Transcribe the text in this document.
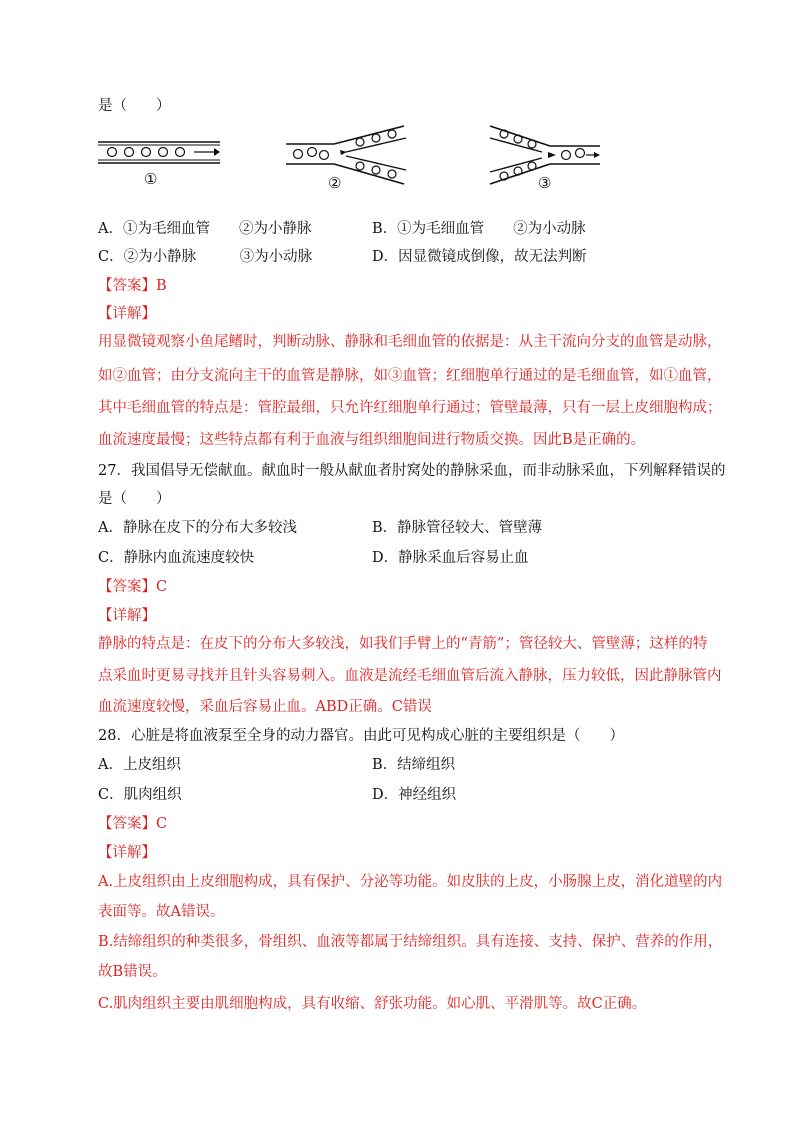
是（　　）
①	②	③
A．①为毛细血管　　②为小静脉	B．①为毛细血管　　②为小动脉
C．②为小静脉　　　③为小动脉	D．因显微镜成倒像，故无法判断
【答案】B
【详解】
用显微镜观察小鱼尾鳍时，判断动脉、静脉和毛细血管的依据是：从主干流向分支的血管是动脉，
如②血管；由分支流向主干的血管是静脉，如③血管；红细胞单行通过的是毛细血管，如①血管，
其中毛细血管的特点是：管腔最细，只允许红细胞单行通过；管壁最薄，只有一层上皮细胞构成；
血流速度最慢；这些特点都有利于血液与组织细胞间进行物质交换。因此B是正确的。
27．我国倡导无偿献血。献血时一般从献血者肘窝处的静脉采血，而非动脉采血，下列解释错误的
是（　　）
A．静脉在皮下的分布大多较浅	B．静脉管径较大、管壁薄
C．静脉内血流速度较快	D．静脉采血后容易止血
【答案】C
【详解】
静脉的特点是：在皮下的分布大多较浅，如我们手臂上的“青筋”；管径较大、管壁薄；这样的特
点采血时更易寻找并且针头容易刺入。血液是流经毛细血管后流入静脉，压力较低，因此静脉管内
血流速度较慢，采血后容易止血。ABD正确。C错误
28．心脏是将血液泵至全身的动力器官。由此可见构成心脏的主要组织是（　　）
A．上皮组织	B．结缔组织
C．肌肉组织	D．神经组织
【答案】C
【详解】
A.上皮组织由上皮细胞构成，具有保护、分泌等功能。如皮肤的上皮，小肠腺上皮，消化道壁的内
表面等。故A错误。
B.结缔组织的种类很多，骨组织、血液等都属于结缔组织。具有连接、支持、保护、营养的作用，
故B错误。
C.肌肉组织主要由肌细胞构成，具有收缩、舒张功能。如心肌、平滑肌等。故C正确。
